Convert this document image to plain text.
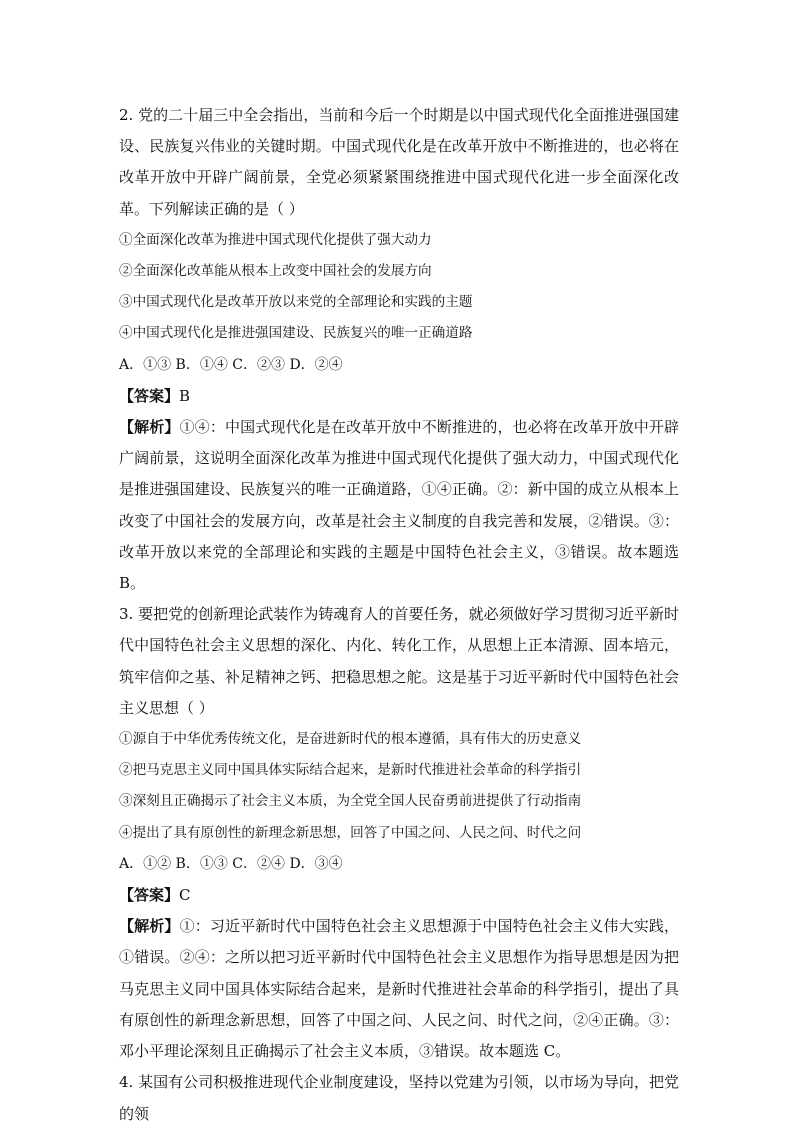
2. 党的二十届三中全会指出，当前和今后一个时期是以中国式现代化全面推进强国建设、民族复兴伟业的关键时期。中国式现代化是在改革开放中不断推进的，也必将在改革开放中开辟广阔前景，全党必须紧紧围绕推进中国式现代化进一步全面深化改革。下列解读正确的是（ ）

①全面深化改革为推进中国式现代化提供了强大动力

②全面深化改革能从根本上改变中国社会的发展方向

③中国式现代化是改革开放以来党的全部理论和实践的主题

④中国式现代化是推进强国建设、民族复兴的唯一正确道路

A．①③ B．①④ C．②③ D．②④

【答案】B

【解析】①④：中国式现代化是在改革开放中不断推进的，也必将在改革开放中开辟广阔前景，这说明全面深化改革为推进中国式现代化提供了强大动力，中国式现代化是推进强国建设、民族复兴的唯一正确道路，①④正确。②：新中国的成立从根本上改变了中国社会的发展方向，改革是社会主义制度的自我完善和发展，②错误。③：改革开放以来党的全部理论和实践的主题是中国特色社会主义，③错误。故本题选 B。

3. 要把党的创新理论武装作为铸魂育人的首要任务，就必须做好学习贯彻习近平新时代中国特色社会主义思想的深化、内化、转化工作，从思想上正本清源、固本培元，筑牢信仰之基、补足精神之钙、把稳思想之舵。这是基于习近平新时代中国特色社会主义思想（ ）

①源自于中华优秀传统文化，是奋进新时代的根本遵循，具有伟大的历史意义

②把马克思主义同中国具体实际结合起来，是新时代推进社会革命的科学指引

③深刻且正确揭示了社会主义本质，为全党全国人民奋勇前进提供了行动指南

④提出了具有原创性的新理念新思想，回答了中国之问、人民之问、时代之问

A．①② B．①③ C．②④ D．③④

【答案】C

【解析】①：习近平新时代中国特色社会主义思想源于中国特色社会主义伟大实践，①错误。②④：之所以把习近平新时代中国特色社会主义思想作为指导思想是因为把马克思主义同中国具体实际结合起来，是新时代推进社会革命的科学指引，提出了具有原创性的新理念新思想，回答了中国之问、人民之问、时代之问，②④正确。③：邓小平理论深刻且正确揭示了社会主义本质，③错误。故本题选 C。

4. 某国有公司积极推进现代企业制度建设，坚持以党建为引领，以市场为导向，把党的领
